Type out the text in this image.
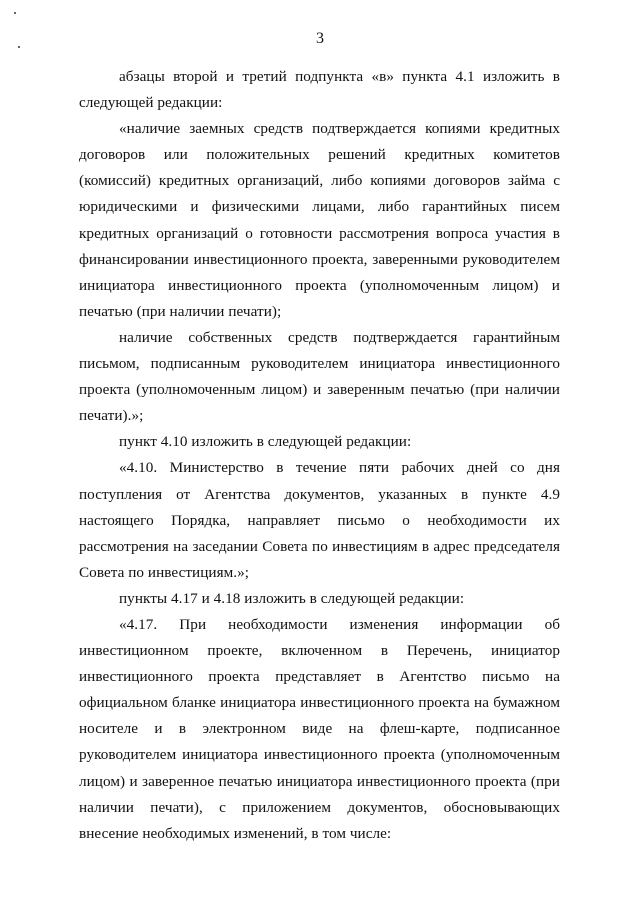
3

абзацы второй и третий подпункта «в» пункта 4.1 изложить в следующей редакции:

«наличие заемных средств подтверждается копиями кредитных договоров или положительных решений кредитных комитетов (комиссий) кредитных организаций, либо копиями договоров займа с юридическими и физическими лицами, либо гарантийных писем кредитных организаций о готовности рассмотрения вопроса участия в финансировании инвестиционного проекта, заверенными руководителем инициатора инвестиционного проекта (уполномоченным лицом) и печатью (при наличии печати);

наличие собственных средств подтверждается гарантийным письмом, подписанным руководителем инициатора инвестиционного проекта (уполномоченным лицом) и заверенным печатью (при наличии печати).»;

пункт 4.10 изложить в следующей редакции:

«4.10. Министерство в течение пяти рабочих дней со дня поступления от Агентства документов, указанных в пункте 4.9 настоящего Порядка, направляет письмо о необходимости их рассмотрения на заседании Совета по инвестициям в адрес председателя Совета по инвестициям.»;

пункты 4.17 и 4.18 изложить в следующей редакции:

«4.17. При необходимости изменения информации об инвестиционном проекте, включенном в Перечень, инициатор инвестиционного проекта представляет в Агентство письмо на официальном бланке инициатора инвестиционного проекта на бумажном носителе и в электронном виде на флеш-карте, подписанное руководителем инициатора инвестиционного проекта (уполномоченным лицом) и заверенное печатью инициатора инвестиционного проекта (при наличии печати), с приложением документов, обосновывающих внесение необходимых изменений, в том числе:
